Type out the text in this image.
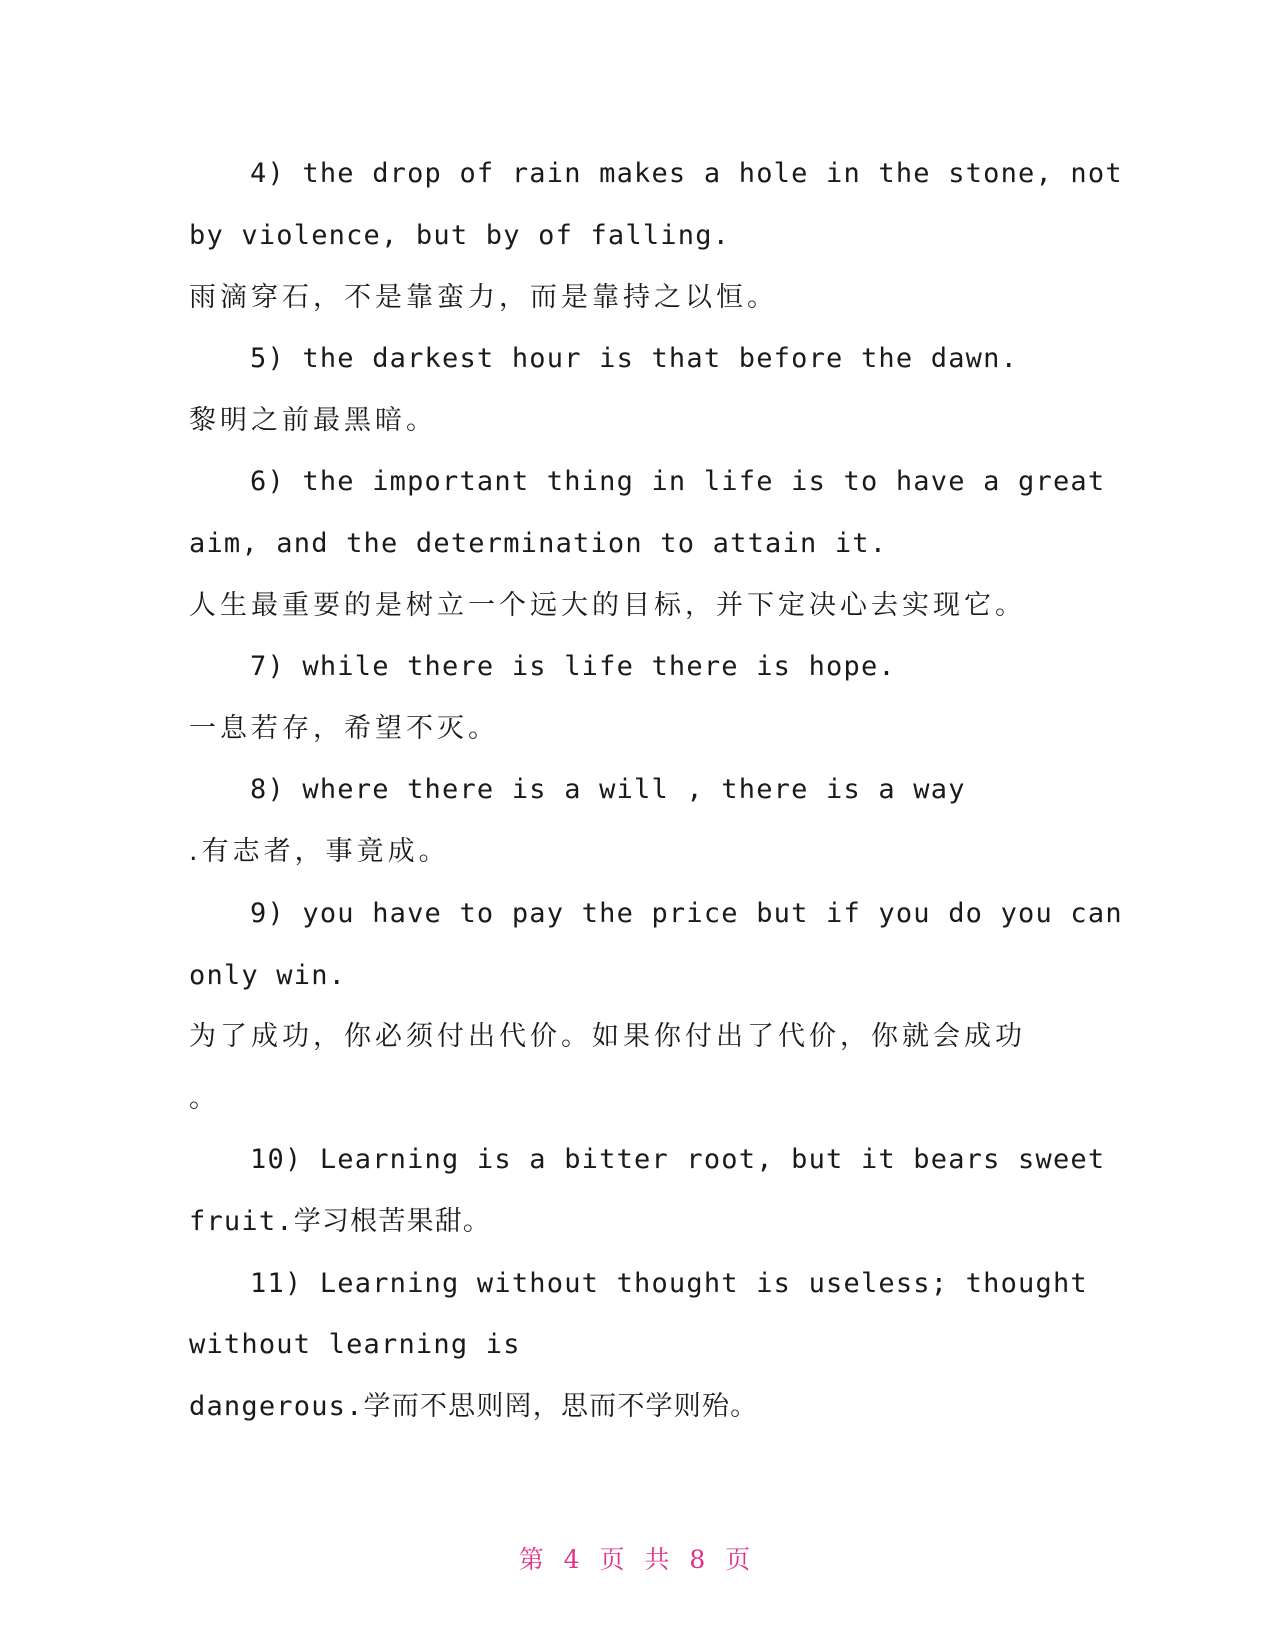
4) the drop of rain makes a hole in the stone, not
by violence, but by of falling.
雨滴穿石，不是靠蛮力，而是靠持之以恒。
5) the darkest hour is that before the dawn.
黎明之前最黑暗。
6) the important thing in life is to have a great
aim, and the determination to attain it.
人生最重要的是树立一个远大的目标，并下定决心去实现它。
7) while there is life there is hope.
一息若存，希望不灭。
8) where there is a will , there is a way
.有志者，事竟成。
9) you have to pay the price but if you do you can
only win.
为了成功，你必须付出代价。如果你付出了代价，你就会成功
。
10) Learning is a bitter root, but it bears sweet
fruit.学习根苦果甜。
11) Learning without thought is useless; thought
without learning is
dangerous.学而不思则罔，思而不学则殆。
第 4 页 共 8 页
